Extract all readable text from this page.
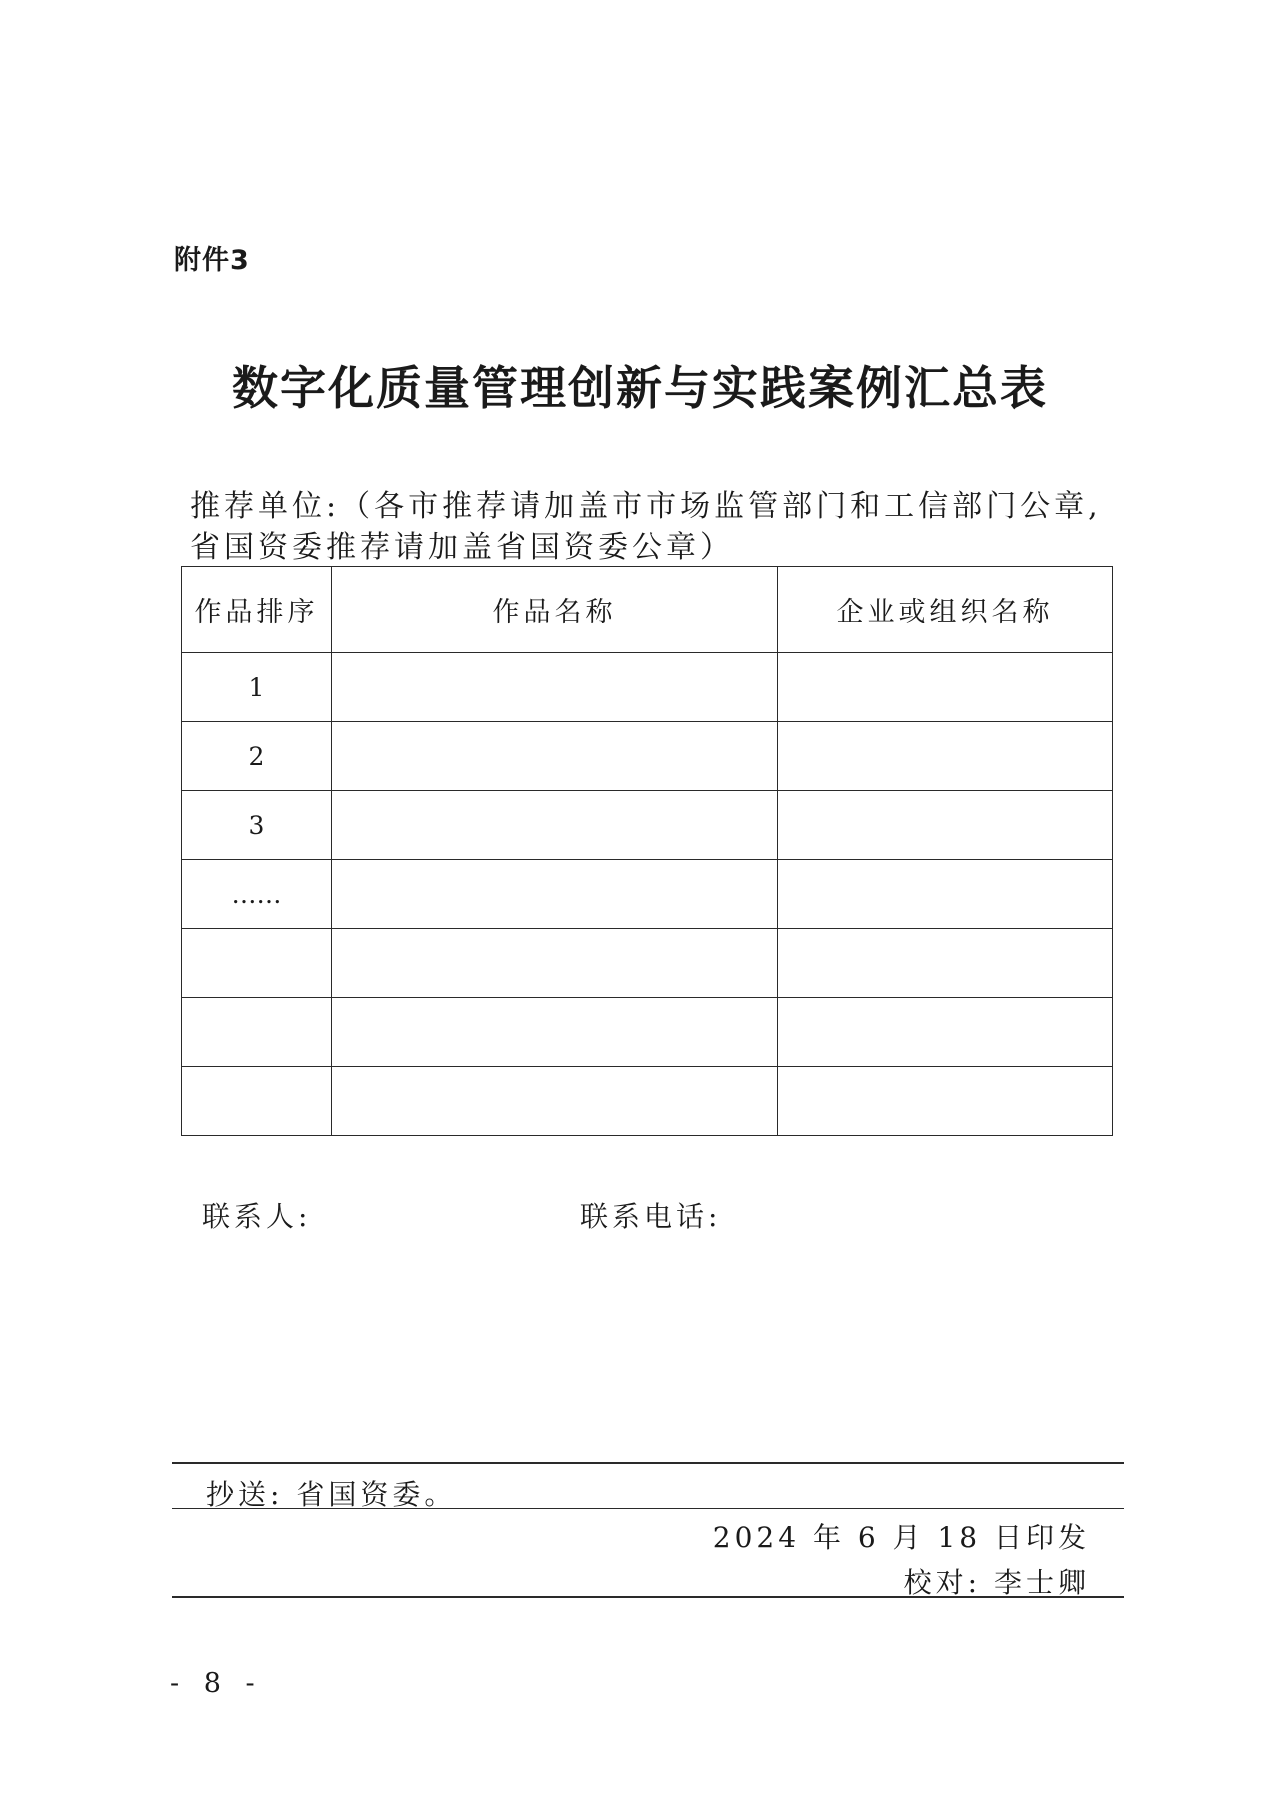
附件3
数字化质量管理创新与实践案例汇总表
推荐单位:（各市推荐请加盖市市场监管部门和工信部门公章,
省国资委推荐请加盖省国资委公章）
作品排序	作品名称	企业或组织名称
1		
2		
3		
……		

联系人:	联系电话:
抄送: 省国资委。
2024 年 6 月 18 日印发
校对: 李士卿
- 8 -
